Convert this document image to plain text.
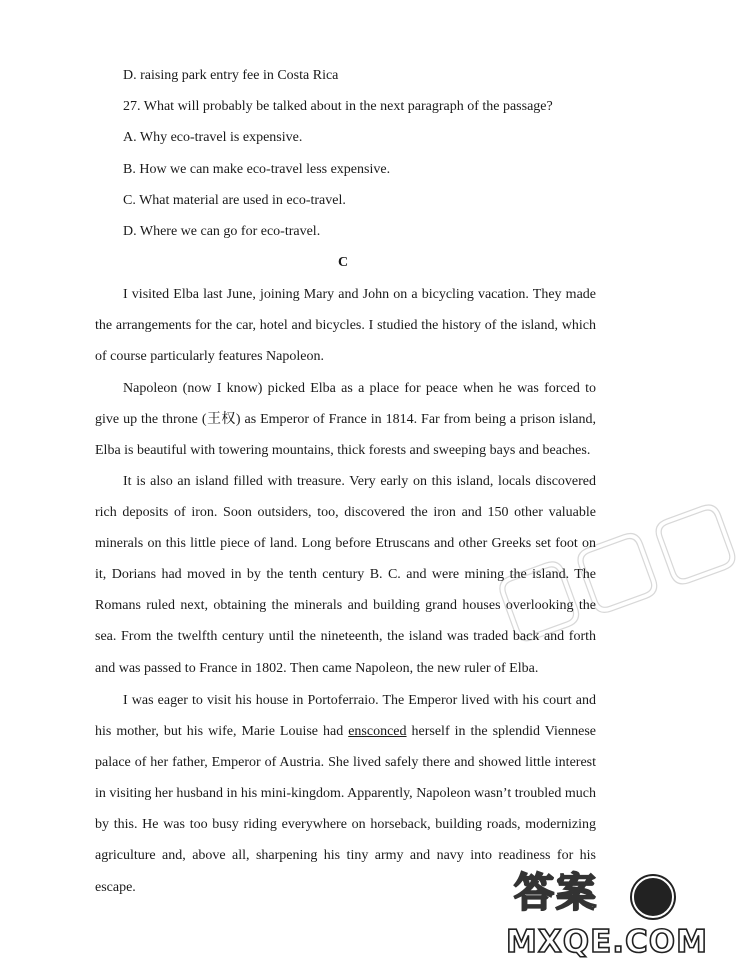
▢▢▢
D. raising park entry fee in Costa Rica
27. What will probably be talked about in the next paragraph of the passage?
A. Why eco-travel is expensive.
B. How we can make eco-travel less expensive.
C. What material are used in eco-travel.
D. Where we can go for eco-travel.
C

I visited Elba last June, joining Mary and John on a bicycling vacation. They made the arrangements for the car, hotel and bicycles. I studied the history of the island, which of course particularly features Napoleon.

Napoleon (now I know) picked Elba as a place for peace when he was forced to give up the throne (王权) as Emperor of France in 1814. Far from being a prison island, Elba is beautiful with towering mountains, thick forests and sweeping bays and beaches.

It is also an island filled with treasure. Very early on this island, locals discovered rich deposits of iron. Soon outsiders, too, discovered the iron and 150 other valuable minerals on this little piece of land. Long before Etruscans and other Greeks set foot on it, Dorians had moved in by the tenth century B. C. and were mining the island. The Romans ruled next, obtaining the minerals and building grand houses overlooking the sea. From the twelfth century until the nineteenth, the island was traded back and forth and was passed to France in 1802. Then came Napoleon, the new ruler of Elba.

I was eager to visit his house in Portoferraio. The Emperor lived with his court and his mother, but his wife, Marie Louise had ensconced herself in the splendid Viennese palace of her father, Emperor of Austria. She lived safely there and showed little interest in visiting her husband in his mini-kingdom. Apparently, Napoleon wasn’t troubled much by this. He was too busy riding everywhere on horseback, building roads, modernizing agriculture and, above all, sharpening his tiny army and navy into readiness for his escape.	答案
MXQE.COM
